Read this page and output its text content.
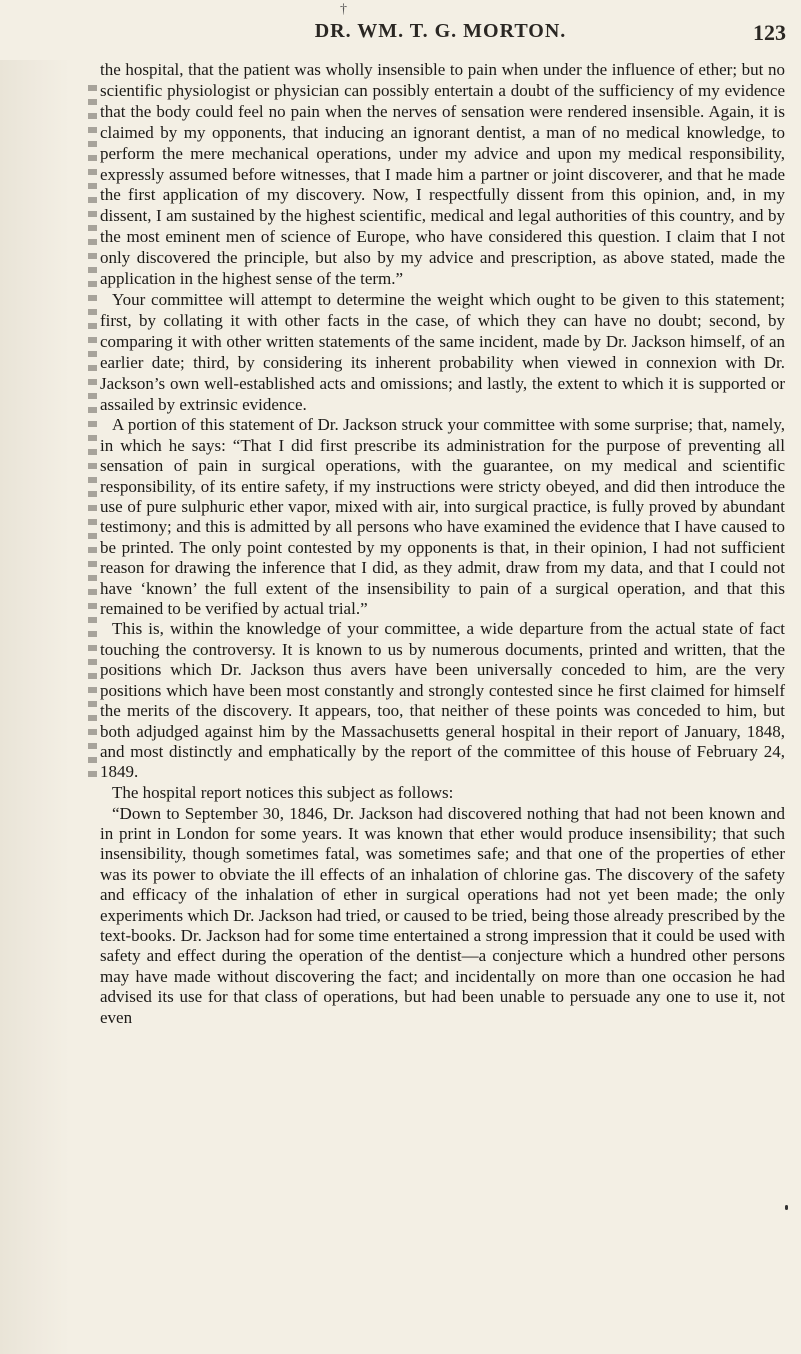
†
DR. WM. T. G. MORTON.	123

the hospital, that the patient was wholly insensible to pain when under the influence of ether; but no scientific physiologist or physician can possibly entertain a doubt of the sufficiency of my evidence that the body could feel no pain when the nerves of sensation were rendered insensible. Again, it is claimed by my opponents, that inducing an ignorant dentist, a man of no medical knowledge, to perform the mere mechanical operations, under my advice and upon my medical responsibility, expressly assumed before witnesses, that I made him a partner or joint discoverer, and that he made the first application of my discovery. Now, I respectfully dissent from this opinion, and, in my dissent, I am sustained by the highest scientific, medical and legal authorities of this country, and by the most eminent men of science of Europe, who have considered this question. I claim that I not only discovered the principle, but also by my advice and prescription, as above stated, made the application in the highest sense of the term.”

Your committee will attempt to determine the weight which ought to be given to this statement; first, by collating it with other facts in the case, of which they can have no doubt; second, by comparing it with other written statements of the same incident, made by Dr. Jackson himself, of an earlier date; third, by considering its inherent probability when viewed in connexion with Dr. Jackson’s own well-established acts and omissions; and lastly, the extent to which it is supported or assailed by extrinsic evidence.

A portion of this statement of Dr. Jackson struck your committee with some surprise; that, namely, in which he says: “That I did first prescribe its administration for the purpose of preventing all sensation of pain in surgical operations, with the guarantee, on my medical and scientific responsibility, of its entire safety, if my instructions were stricty obeyed, and did then introduce the use of pure sulphuric ether vapor, mixed with air, into surgical practice, is fully proved by abundant testimony; and this is admitted by all persons who have examined the evidence that I have caused to be printed. The only point contested by my opponents is that, in their opinion, I had not sufficient reason for drawing the inference that I did, as they admit, draw from my data, and that I could not have ‘known’ the full extent of the insensibility to pain of a surgical operation, and that this remained to be verified by actual trial.”

This is, within the knowledge of your committee, a wide departure from the actual state of fact touching the controversy. It is known to us by numerous documents, printed and written, that the positions which Dr. Jackson thus avers have been universally conceded to him, are the very positions which have been most constantly and strongly contested since he first claimed for himself the merits of the discovery. It appears, too, that neither of these points was conceded to him, but both adjudged against him by the Massachusetts general hospital in their report of January, 1848, and most distinctly and emphatically by the report of the committee of this house of February 24, 1849.

The hospital report notices this subject as follows:

“Down to September 30, 1846, Dr. Jackson had discovered nothing that had not been known and in print in London for some years. It was known that ether would produce insensibility; that such insensibility, though sometimes fatal, was sometimes safe; and that one of the properties of ether was its power to obviate the ill effects of an inhalation of chlorine gas. The discovery of the safety and efficacy of the inhalation of ether in surgical operations had not yet been made; the only experiments which Dr. Jackson had tried, or caused to be tried, being those already prescribed by the text-books. Dr. Jackson had for some time entertained a strong impression that it could be used with safety and effect during the operation of the dentist—a conjecture which a hundred other persons may have made without discovering the fact; and incidentally on more than one occasion he had advised its use for that class of operations, but had been unable to persuade any one to use it, not even
